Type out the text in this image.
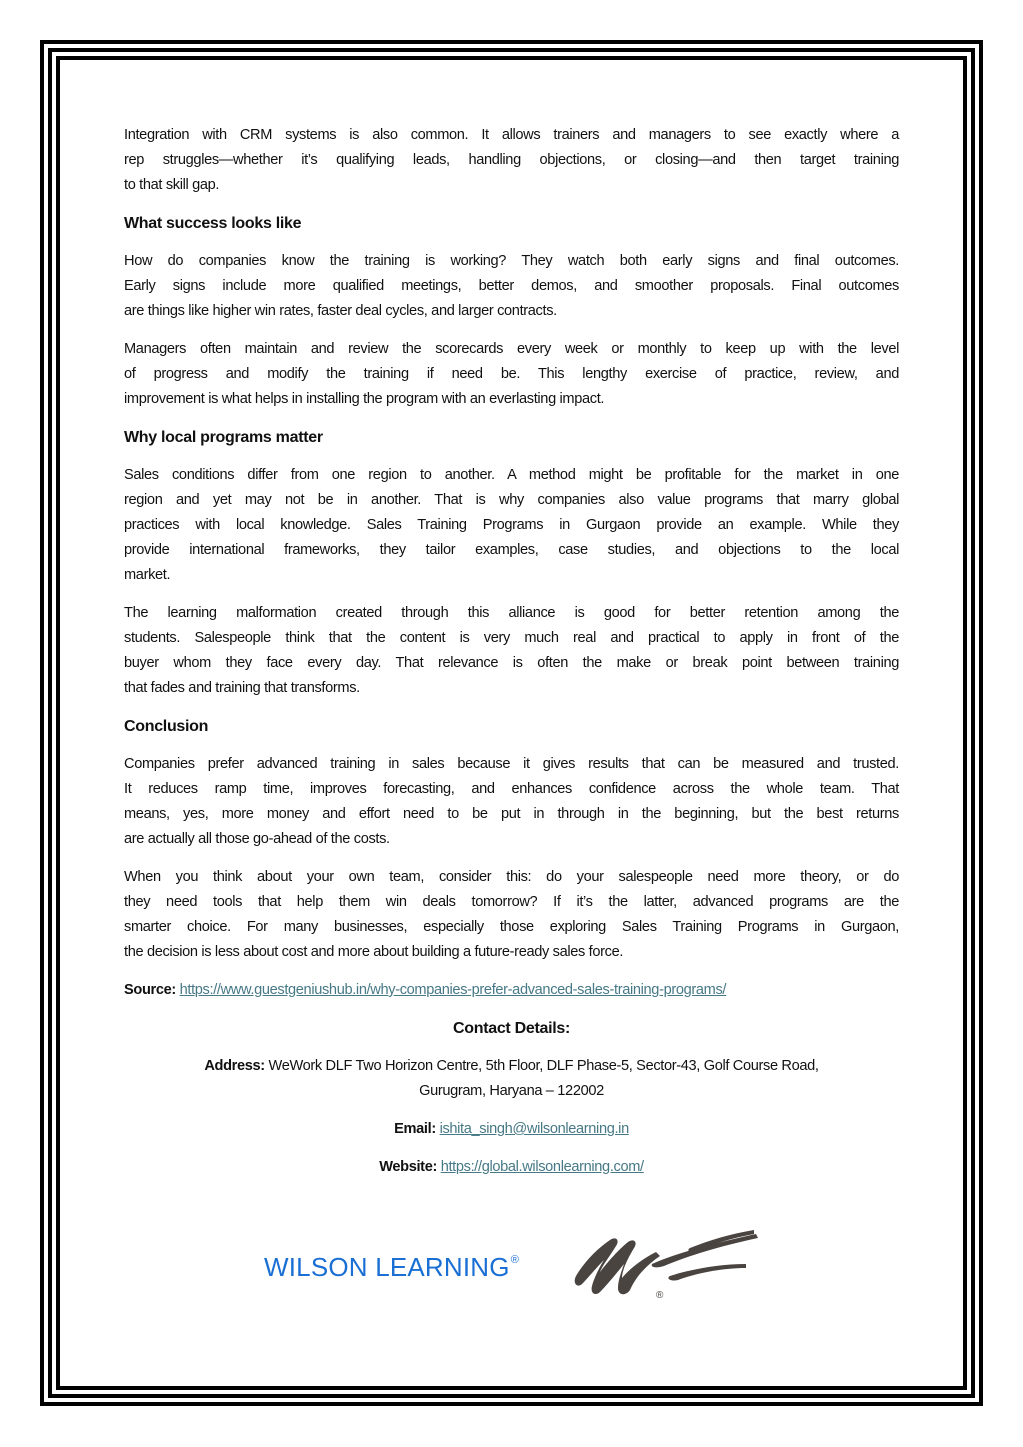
Integration with CRM systems is also common. It allows trainers and managers to see exactly where a
rep struggles—whether it’s qualifying leads, handling objections, or closing—and then target training
to that skill gap.

What success looks like

How do companies know the training is working? They watch both early signs and final outcomes.
Early signs include more qualified meetings, better demos, and smoother proposals. Final outcomes
are things like higher win rates, faster deal cycles, and larger contracts.

Managers often maintain and review the scorecards every week or monthly to keep up with the level
of progress and modify the training if need be. This lengthy exercise of practice, review, and
improvement is what helps in installing the program with an everlasting impact.

Why local programs matter

Sales conditions differ from one region to another. A method might be profitable for the market in one
region and yet may not be in another. That is why companies also value programs that marry global
practices with local knowledge. Sales Training Programs in Gurgaon provide an example. While they
provide international frameworks, they tailor examples, case studies, and objections to the local
market.

The learning malformation created through this alliance is good for better retention among the
students. Salespeople think that the content is very much real and practical to apply in front of the
buyer whom they face every day. That relevance is often the make or break point between training
that fades and training that transforms.

Conclusion

Companies prefer advanced training in sales because it gives results that can be measured and trusted.
It reduces ramp time, improves forecasting, and enhances confidence across the whole team. That
means, yes, more money and effort need to be put in through in the beginning, but the best returns
are actually all those go-ahead of the costs.

When you think about your own team, consider this: do your salespeople need more theory, or do
they need tools that help them win deals tomorrow? If it’s the latter, advanced programs are the
smarter choice. For many businesses, especially those exploring Sales Training Programs in Gurgaon,
the decision is less about cost and more about building a future-ready sales force.

Source: https://www.guestgeniushub.in/why-companies-prefer-advanced-sales-training-programs/
Contact Details:

Address: WeWork DLF Two Horizon Centre, 5th Floor, DLF Phase-5, Sector-43, Golf Course Road,

Gurugram, Haryana – 122002

Email: ishita_singh@wilsonlearning.in

Website: https://global.wilsonlearning.com/

WILSON LEARNING®
®
